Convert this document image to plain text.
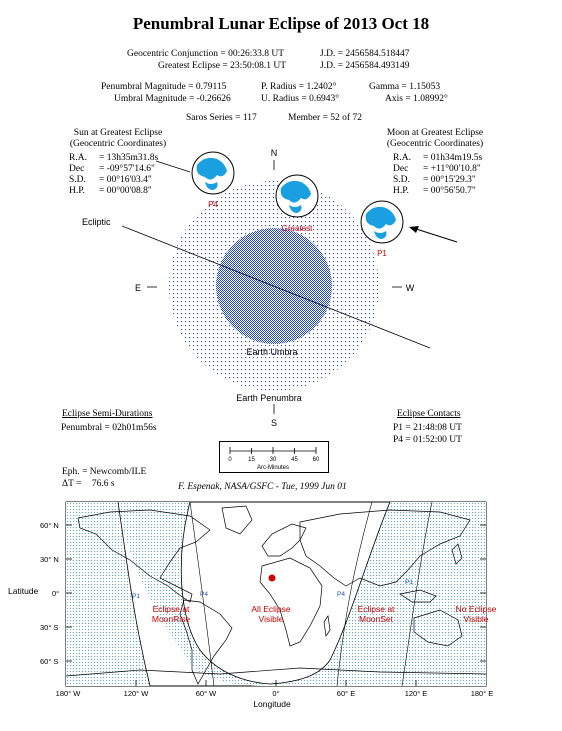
Penumbral Lunar Eclipse of 2013 Oct 18
Geocentric Conjunction = 00:26:33.8 UT	J.D. = 2456584.518447
Greatest Eclipse = 23:50:08.1 UT	J.D. = 2456584.493149
Penumbral Magnitude = 0.79115
Umbral Magnitude = -0.26626
P. Radius = 1.2402°
U. Radius = 0.6943°
Gamma = 1.15053
Axis = 1.08992°
Saros Series = 117	Member = 52 of 72
Sun at Greatest Eclipse
(Geocentric Coordinates)
R.A.	=	13h35m31.8s
Dec	=	-09°57'14.6"
S.D.	=	00°16'03.4"
H.P.	=	00°00'08.8"
Moon at Greatest Eclipse
(Geocentric Coordinates)
R.A.	=	01h34m19.5s
Dec	=	+11°00'10.8"
S.D.	=	00°15'29.3"
H.P.	=	00°56'50.7"
N
S
E	W
Ecliptic
Earth Umbra
Earth Penumbra
P4
Greatest
P1
Eclipse Semi-Durations
Penumbral = 02h01m56s
Eclipse Contacts
P1 = 21:48:08 UT
P4 = 01:52:00 UT
0	15 30 45 60
Arc-Minutes
Eph. = Newcomb/ILE
ΔT = 76.6 s	F. Espenak, NASA/GSFC - Tue, 1999 Jun 01
60° N
30° N
0°
30° S
60° S
Latitude
180° W	120° W	60° W	0°	60° E	120° E	180° E
Longitude
P1	P4	P4
P1
Eclipse at
MoonRise
All Eclipse
Visible
Eclipse at
MoonSet
No Eclipse
Visible
